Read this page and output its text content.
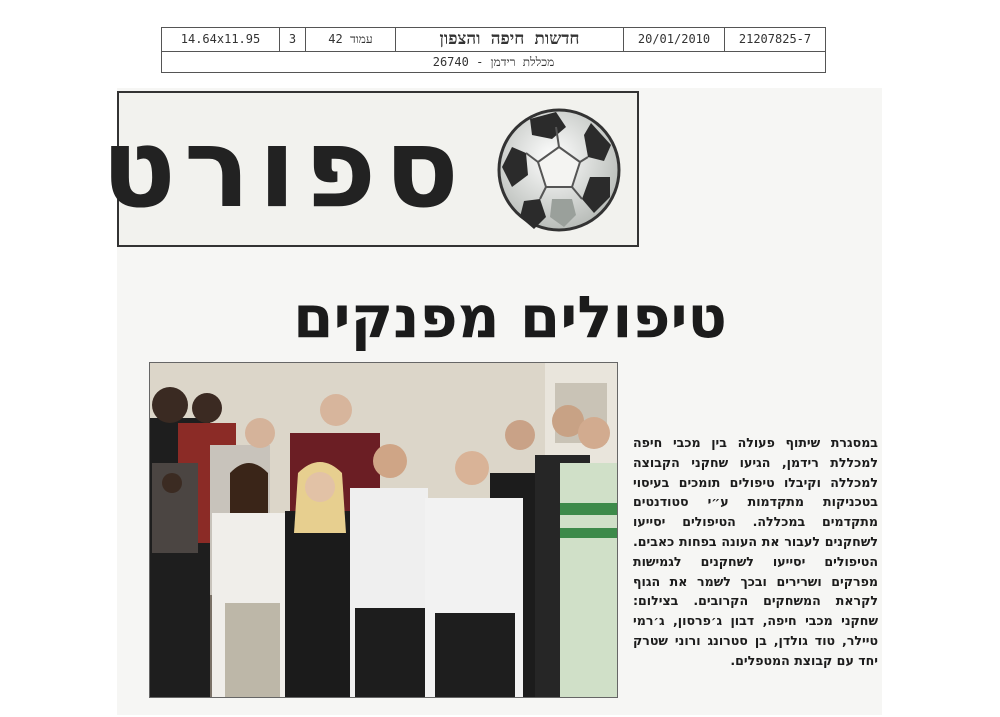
14.64x11.95	3	עמוד 42	חדשות חיפה והצפון	20/01/2010	21207825-7
מכללת רידמן - 26740
ספורט
טיפולים מפנקים
במסגרת שיתוף פעולה בין מכבי חיפה למכללת רידמן, הגיעו שחקני הקבוצה למכללה וקיבלו טיפולים תומכים בעיסוי בטכניקות מתקדמות ע״י סטודנטים מתקדמים במכללה. הטיפולים יסייעו לשחקנים לעבור את העונה בפחות כאבים. הטיפולים יסייעו לשחקנים לגמישות מפרקים ושרירים ובכך לשמר את הגוף לקראת המשחקים הקרובים. בצילום: שחקני מכבי חיפה, דבון ג׳פרסון, ג׳רמי טיילר, טוד גולדן, בן סטרונג ורוני שטרק יחד עם קבוצת המטפלים.
